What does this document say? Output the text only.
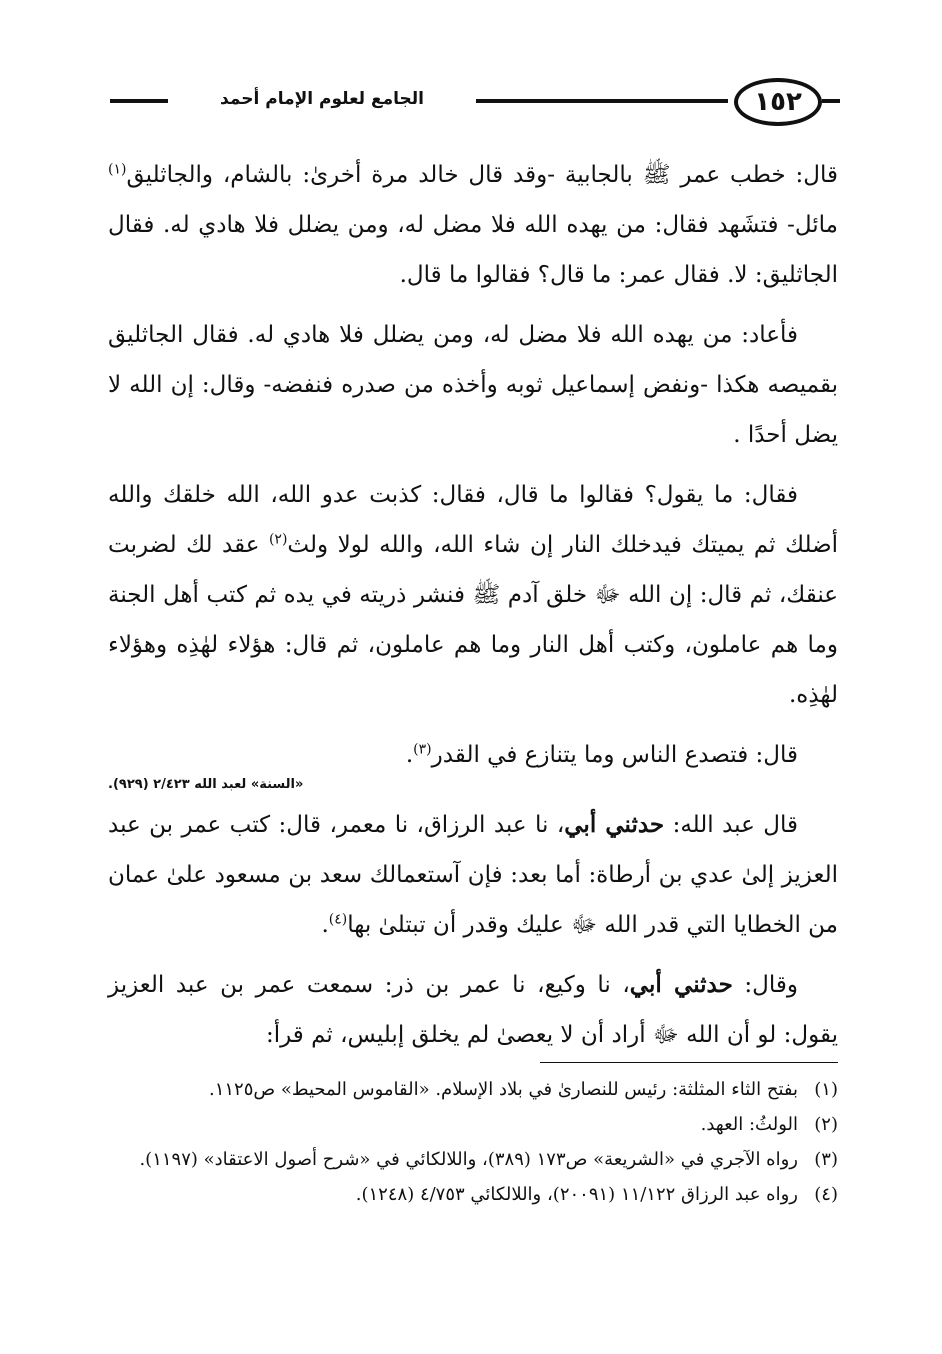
١٥٢
الجامع لعلوم الإمام أحمد

قال: خطب عمر ﷺ بالجابية -وقد قال خالد مرة أخرىٰ: بالشام، والجاثليق$^{(١)}$ مائل- فتشَهد فقال: من يهده الله فلا مضل له، ومن يضلل فلا هادي له. فقال الجاثليق: لا. فقال عمر: ما قال؟ فقالوا ما قال.

فأعاد: من يهده الله فلا مضل له، ومن يضلل فلا هادي له. فقال الجاثليق بقميصه هكذا -ونفض إسماعيل ثوبه وأخذه من صدره فنفضه- وقال: إن الله لا يضل أحدًا .

فقال: ما يقول؟ فقالوا ما قال، فقال: كذبت عدو الله، الله خلقك والله أضلك ثم يميتك فيدخلك النار إن شاء الله، والله لولا ولث$^{(٢)}$ عقد لك لضربت عنقك، ثم قال: إن الله ﷻ خلق آدم ﷺ فنشر ذريته في يده ثم كتب أهل الجنة وما هم عاملون، وكتب أهل النار وما هم عاملون، ثم قال: هؤلاء لهٰذِه وهؤلاء لهٰذِه.

قال: فتصدع الناس وما يتنازع في القدر$^{(٣)}$.

«السنة» لعبد الله ٢/٤٢٣ (٩٢٩).

قال عبد الله: حدثني أبي، نا عبد الرزاق، نا معمر، قال: كتب عمر بن عبد العزيز إلىٰ عدي بن أرطاة: أما بعد: فإن آستعمالك سعد بن مسعود علىٰ عمان من الخطايا التي قدر الله ﷻ عليك وقدر أن تبتلىٰ بها$^{(٤)}$.

وقال: حدثني أبي، نا وكيع، نا عمر بن ذر: سمعت عمر بن عبد العزيز يقول: لو أن الله ﷻ أراد أن لا يعصىٰ لم يخلق إبليس، ثم قرأ:

(١)
بفتح الثاء المثلثة: رئيس للنصارىٰ في بلاد الإسلام. «القاموس المحيط» ص١١٢٥.
(٢)
الولثُ: العهد.
(٣)
رواه الآجري في «الشريعة» ص١٧٣ (٣٨٩)، واللالكائي في «شرح أصول الاعتقاد» (١١٩٧).
(٤)
رواه عبد الرزاق ١١/١٢٢ (٢٠٠٩١)، واللالكائي ٤/٧٥٣ (١٢٤٨).
